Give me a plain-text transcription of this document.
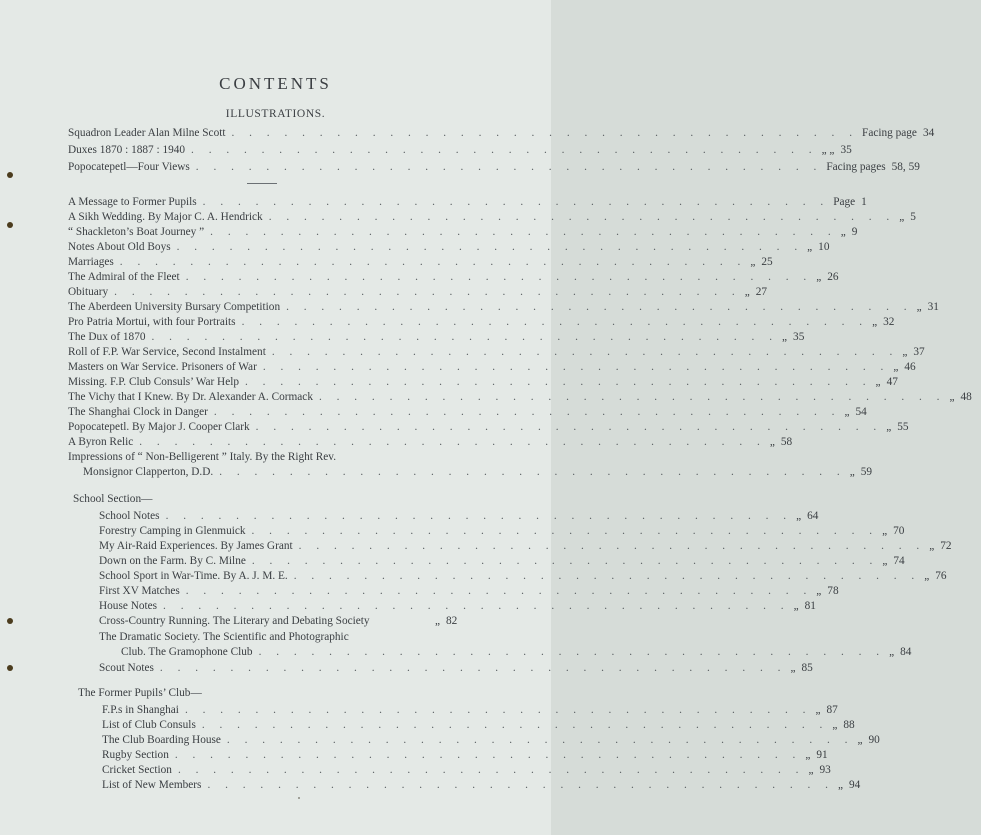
CONTENTS
ILLUSTRATIONS.
Squadron Leader Alan Milne Scott . . . . . . . . . . . . . . . . . . . . . . . . . . . . . . . . . . . . Facing page 34
Duxes 1870 : 1887 : 1940 . . . . . . . . . . . . . . . . . . . . . . . . . . . . . . . . . . . . „ „ 35
Popocatepetl—Four Views . . . . . . . . . . . . . . . . . . . . . . . . . . . . . . . . . . . . Facing pages 58, 59
A Message to Former Pupils . . . . . . . . . . . . . . . . . . . . . . . . . . . . . . . . . . . . Page 1
A Sikh Wedding. By Major C. A. Hendrick . . . . . . . . . . . . . . . . . . . . . . . . . . . . . . . . . . . . „ 5
“ Shackleton’s Boat Journey ” . . . . . . . . . . . . . . . . . . . . . . . . . . . . . . . . . . . . „ 9
Notes About Old Boys . . . . . . . . . . . . . . . . . . . . . . . . . . . . . . . . . . . . „ 10
Marriages . . . . . . . . . . . . . . . . . . . . . . . . . . . . . . . . . . . . „ 25
The Admiral of the Fleet . . . . . . . . . . . . . . . . . . . . . . . . . . . . . . . . . . . . „ 26
Obituary . . . . . . . . . . . . . . . . . . . . . . . . . . . . . . . . . . . . „ 27
The Aberdeen University Bursary Competition . . . . . . . . . . . . . . . . . . . . . . . . . . . . . . . . . . . . „ 31
Pro Patria Mortui, with four Portraits . . . . . . . . . . . . . . . . . . . . . . . . . . . . . . . . . . . . „ 32
The Dux of 1870 . . . . . . . . . . . . . . . . . . . . . . . . . . . . . . . . . . . . „ 35
Roll of F.P. War Service, Second Instalment . . . . . . . . . . . . . . . . . . . . . . . . . . . . . . . . . . . . „ 37
Masters on War Service. Prisoners of War . . . . . . . . . . . . . . . . . . . . . . . . . . . . . . . . . . . . „ 46
Missing. F.P. Club Consuls’ War Help . . . . . . . . . . . . . . . . . . . . . . . . . . . . . . . . . . . . „ 47
The Vichy that I Knew. By Dr. Alexander A. Cormack . . . . . . . . . . . . . . . . . . . . . . . . . . . . . . . . . . . . „ 48
The Shanghai Clock in Danger . . . . . . . . . . . . . . . . . . . . . . . . . . . . . . . . . . . . „ 54
Popocatepetl. By Major J. Cooper Clark . . . . . . . . . . . . . . . . . . . . . . . . . . . . . . . . . . . . „ 55
A Byron Relic . . . . . . . . . . . . . . . . . . . . . . . . . . . . . . . . . . . . „ 58
Impressions of “ Non-Belligerent ” Italy. By the Right Rev.
Monsignor Clapperton, D.D. . . . . . . . . . . . . . . . . . . . . . . . . . . . . . . . . . . . . „ 59
School Section—
School Notes . . . . . . . . . . . . . . . . . . . . . . . . . . . . . . . . . . . . „ 64
Forestry Camping in Glenmuick . . . . . . . . . . . . . . . . . . . . . . . . . . . . . . . . . . . . „ 70
My Air-Raid Experiences. By James Grant . . . . . . . . . . . . . . . . . . . . . . . . . . . . . . . . . . . . „ 72
Down on the Farm. By C. Milne . . . . . . . . . . . . . . . . . . . . . . . . . . . . . . . . . . . . „ 74
School Sport in War-Time. By A. J. M. E. . . . . . . . . . . . . . . . . . . . . . . . . . . . . . . . . . . . . „ 76
First XV Matches . . . . . . . . . . . . . . . . . . . . . . . . . . . . . . . . . . . . „ 78
House Notes . . . . . . . . . . . . . . . . . . . . . . . . . . . . . . . . . . . . „ 81
Cross-Country Running. The Literary and Debating Society	„ 82
The Dramatic Society. The Scientific and Photographic
Club. The Gramophone Club . . . . . . . . . . . . . . . . . . . . . . . . . . . . . . . . . . . . „ 84
Scout Notes . . . . . . . . . . . . . . . . . . . . . . . . . . . . . . . . . . . . „ 85
The Former Pupils’ Club—
F.P.s in Shanghai . . . . . . . . . . . . . . . . . . . . . . . . . . . . . . . . . . . . „ 87
List of Club Consuls . . . . . . . . . . . . . . . . . . . . . . . . . . . . . . . . . . . . „ 88
The Club Boarding House . . . . . . . . . . . . . . . . . . . . . . . . . . . . . . . . . . . . „ 90
Rugby Section . . . . . . . . . . . . . . . . . . . . . . . . . . . . . . . . . . . . „ 91
Cricket Section . . . . . . . . . . . . . . . . . . . . . . . . . . . . . . . . . . . . „ 93
List of New Members . . . . . . . . . . . . . . . . . . . . . . . . . . . . . . . . . . . . „ 94
